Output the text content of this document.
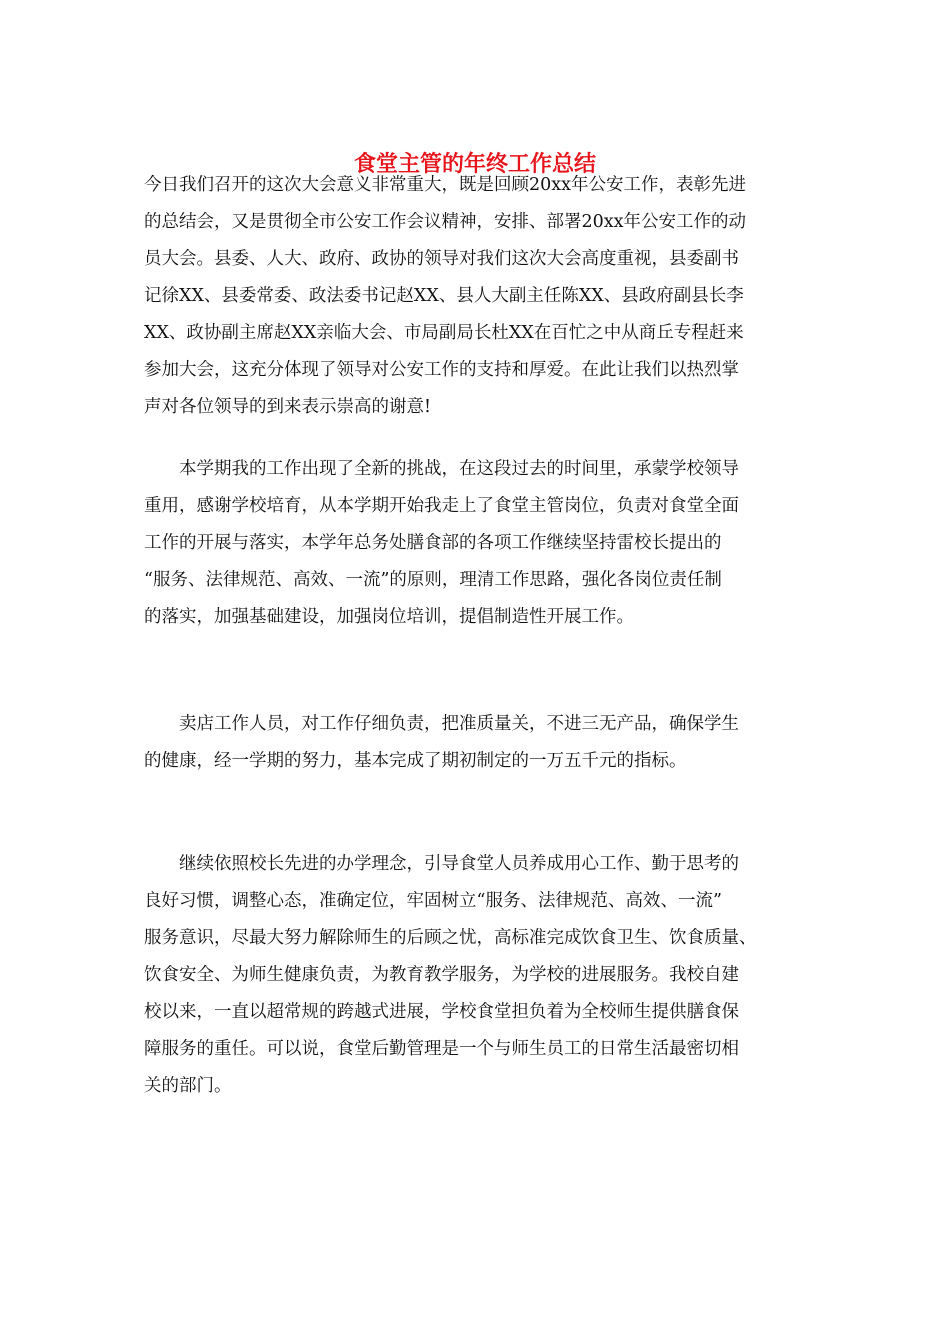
食堂主管的年终工作总结
今日我们召开的这次大会意义非常重大，既是回顾20xx年公安工作，表彰先进
的总结会，又是贯彻全市公安工作会议精神，安排、部署20xx年公安工作的动
员大会。县委、人大、政府、政协的领导对我们这次大会高度重视，县委副书
记徐XX、县委常委、政法委书记赵XX、县人大副主任陈XX、县政府副县长李
XX、政协副主席赵XX亲临大会、市局副局长杜XX在百忙之中从商丘专程赶来
参加大会，这充分体现了领导对公安工作的支持和厚爱。在此让我们以热烈掌
声对各位领导的到来表示崇高的谢意!
本学期我的工作出现了全新的挑战，在这段过去的时间里，承蒙学校领导
重用，感谢学校培育，从本学期开始我走上了食堂主管岗位，负责对食堂全面
工作的开展与落实，本学年总务处膳食部的各项工作继续坚持雷校长提出的
“服务、法律规范、高效、一流”的原则，理清工作思路，强化各岗位责任制
的落实，加强基础建设，加强岗位培训，提倡制造性开展工作。
卖店工作人员，对工作仔细负责，把准质量关，不进三无产品，确保学生
的健康，经一学期的努力，基本完成了期初制定的一万五千元的指标。
继续依照校长先进的办学理念，引导食堂人员养成用心工作、勤于思考的
良好习惯，调整心态，准确定位，牢固树立“服务、法律规范、高效、一流”
服务意识，尽最大努力解除师生的后顾之忧，高标准完成饮食卫生、饮食质量、
饮食安全、为师生健康负责，为教育教学服务，为学校的进展服务。我校自建
校以来，一直以超常规的跨越式进展，学校食堂担负着为全校师生提供膳食保
障服务的重任。可以说，食堂后勤管理是一个与师生员工的日常生活最密切相
关的部门。
